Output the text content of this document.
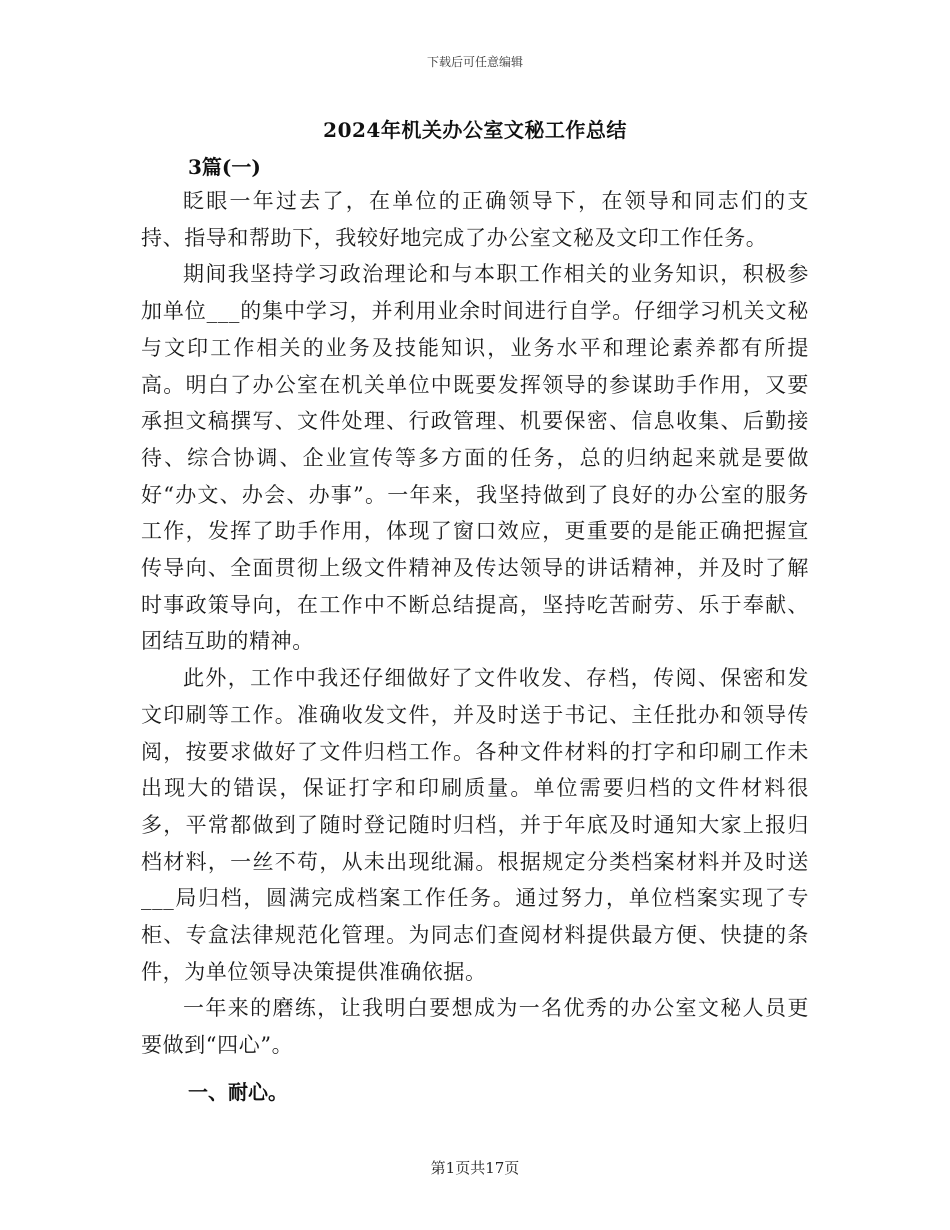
下载后可任意编辑
2024年机关办公室文秘工作总结
3篇(一)

眨眼一年过去了，在单位的正确领导下，在领导和同志们的支持、指导和帮助下，我较好地完成了办公室文秘及文印工作任务。

期间我坚持学习政治理论和与本职工作相关的业务知识，积极参加单位___的集中学习，并利用业余时间进行自学。仔细学习机关文秘与文印工作相关的业务及技能知识，业务水平和理论素养都有所提高。明白了办公室在机关单位中既要发挥领导的参谋助手作用，又要承担文稿撰写、文件处理、行政管理、机要保密、信息收集、后勤接待、综合协调、企业宣传等多方面的任务，总的归纳起来就是要做好“办文、办会、办事”。一年来，我坚持做到了良好的办公室的服务工作，发挥了助手作用，体现了窗口效应，更重要的是能正确把握宣传导向、全面贯彻上级文件精神及传达领导的讲话精神，并及时了解时事政策导向，在工作中不断总结提高，坚持吃苦耐劳、乐于奉献、团结互助的精神。

此外，工作中我还仔细做好了文件收发、存档，传阅、保密和发文印刷等工作。准确收发文件，并及时送于书记、主任批办和领导传阅，按要求做好了文件归档工作。各种文件材料的打字和印刷工作未出现大的错误，保证打字和印刷质量。单位需要归档的文件材料很多，平常都做到了随时登记随时归档，并于年底及时通知大家上报归档材料，一丝不苟，从未出现纰漏。根据规定分类档案材料并及时送___局归档，圆满完成档案工作任务。通过努力，单位档案实现了专柜、专盒法律规范化管理。为同志们查阅材料提供最方便、快捷的条件，为单位领导决策提供准确依据。

一年来的磨练，让我明白要想成为一名优秀的办公室文秘人员更要做到“四心”。

一、耐心。
第1页共17页
